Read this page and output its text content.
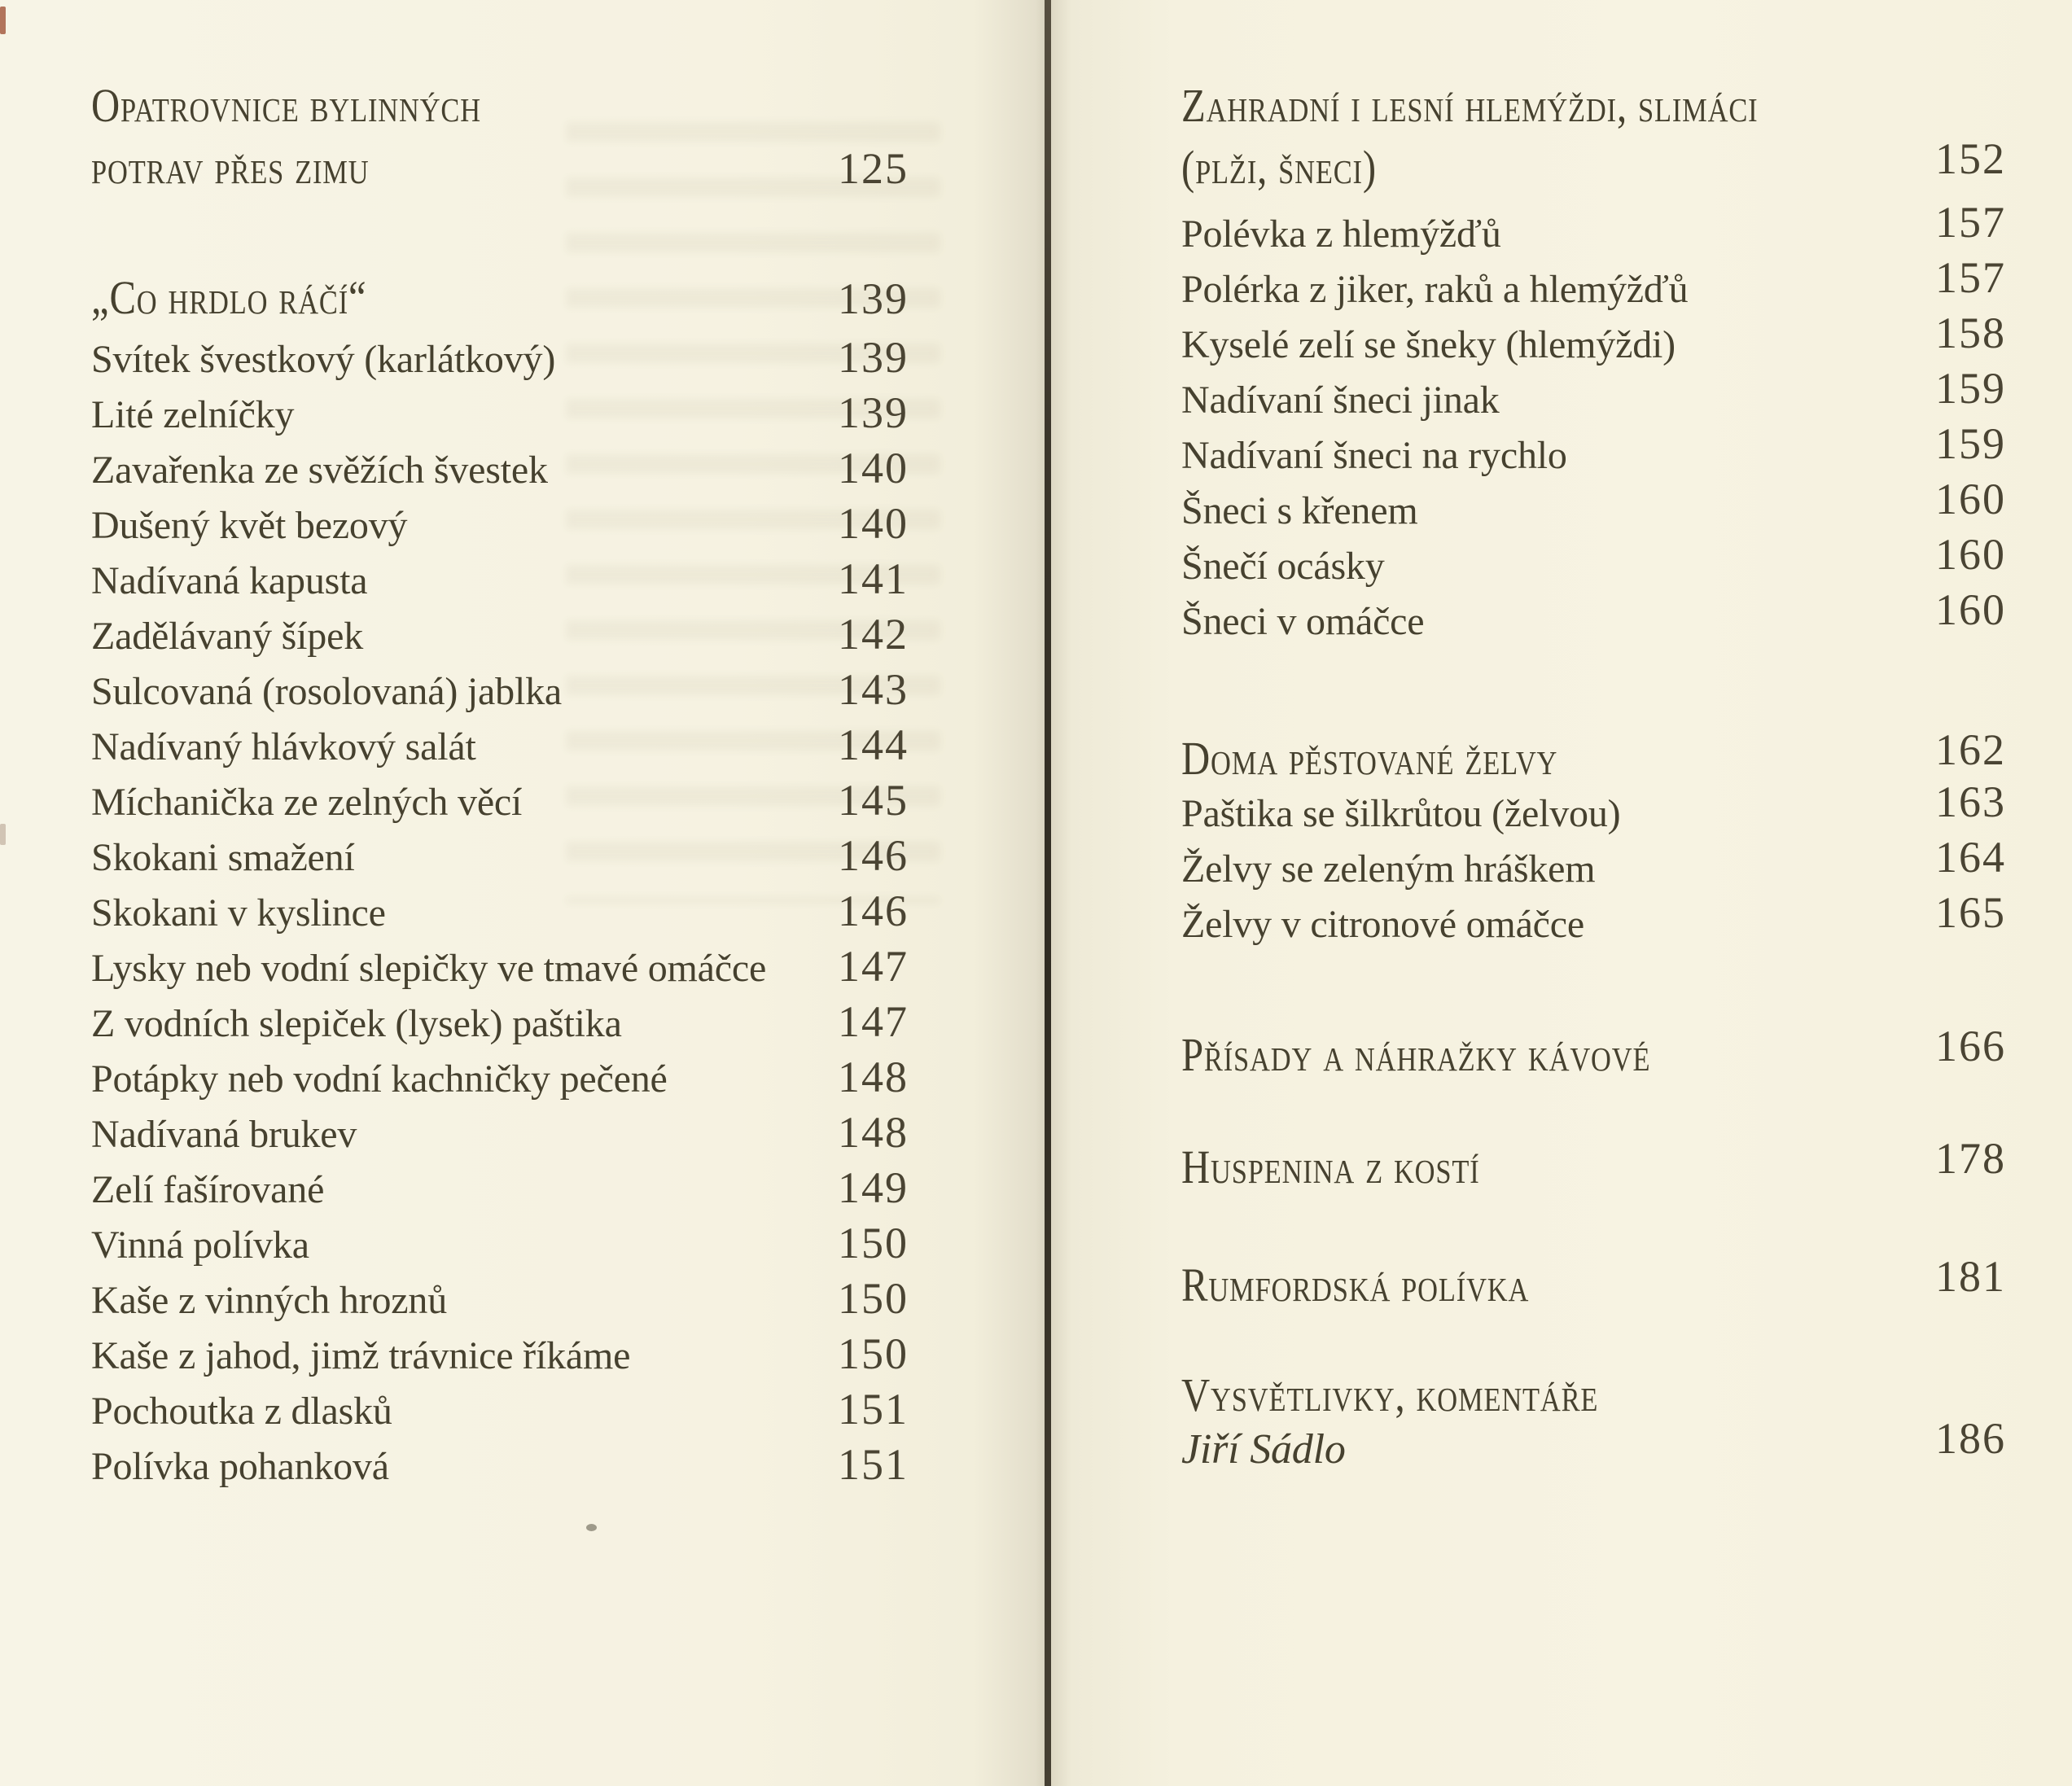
Opatrovnice bylinných
potrav přes zimu	125
„Co hrdlo ráčí“	139
Svítek švestkový (karlátkový)	139
Lité zelníčky	139
Zavařenka ze svěžích švestek	140
Dušený květ bezový	140
Nadívaná kapusta	141
Zadělávaný šípek	142
Sulcovaná (rosolovaná) jablka	143
Nadívaný hlávkový salát	144
Míchanička ze zelných věcí	145
Skokani smažení	146
Skokani v kyslince	146
Lysky neb vodní slepičky ve tmavé omáčce	147
Z vodních slepiček (lysek) paštika	147
Potápky neb vodní kachničky pečené	148
Nadívaná brukev	148
Zelí fašírované	149
Vinná polívka	150
Kaše z vinných hroznů	150
Kaše z jahod, jimž trávnice říkáme	150
Pochoutka z dlasků	151
Polívka pohanková	151
Zahradní i lesní hlemýždi, slimáci
(plži, šneci)	152
Polévka z hlemýžďů	157
Polérka z jiker, raků a hlemýžďů	157
Kyselé zelí se šneky (hlemýždi)	158
Nadívaní šneci jinak	159
Nadívaní šneci na rychlo	159
Šneci s křenem	160
Šnečí ocásky	160
Šneci v omáčce	160
Doma pěstované želvy	162
Paštika se šilkrůtou (želvou)	163
Želvy se zeleným hráškem	164
Želvy v citronové omáčce	165
Přísady a náhražky kávové	166
Huspenina z kostí	178
Rumfordská polívka	181
Vysvětlivky, komentáře
Jiří Sádlo	186
